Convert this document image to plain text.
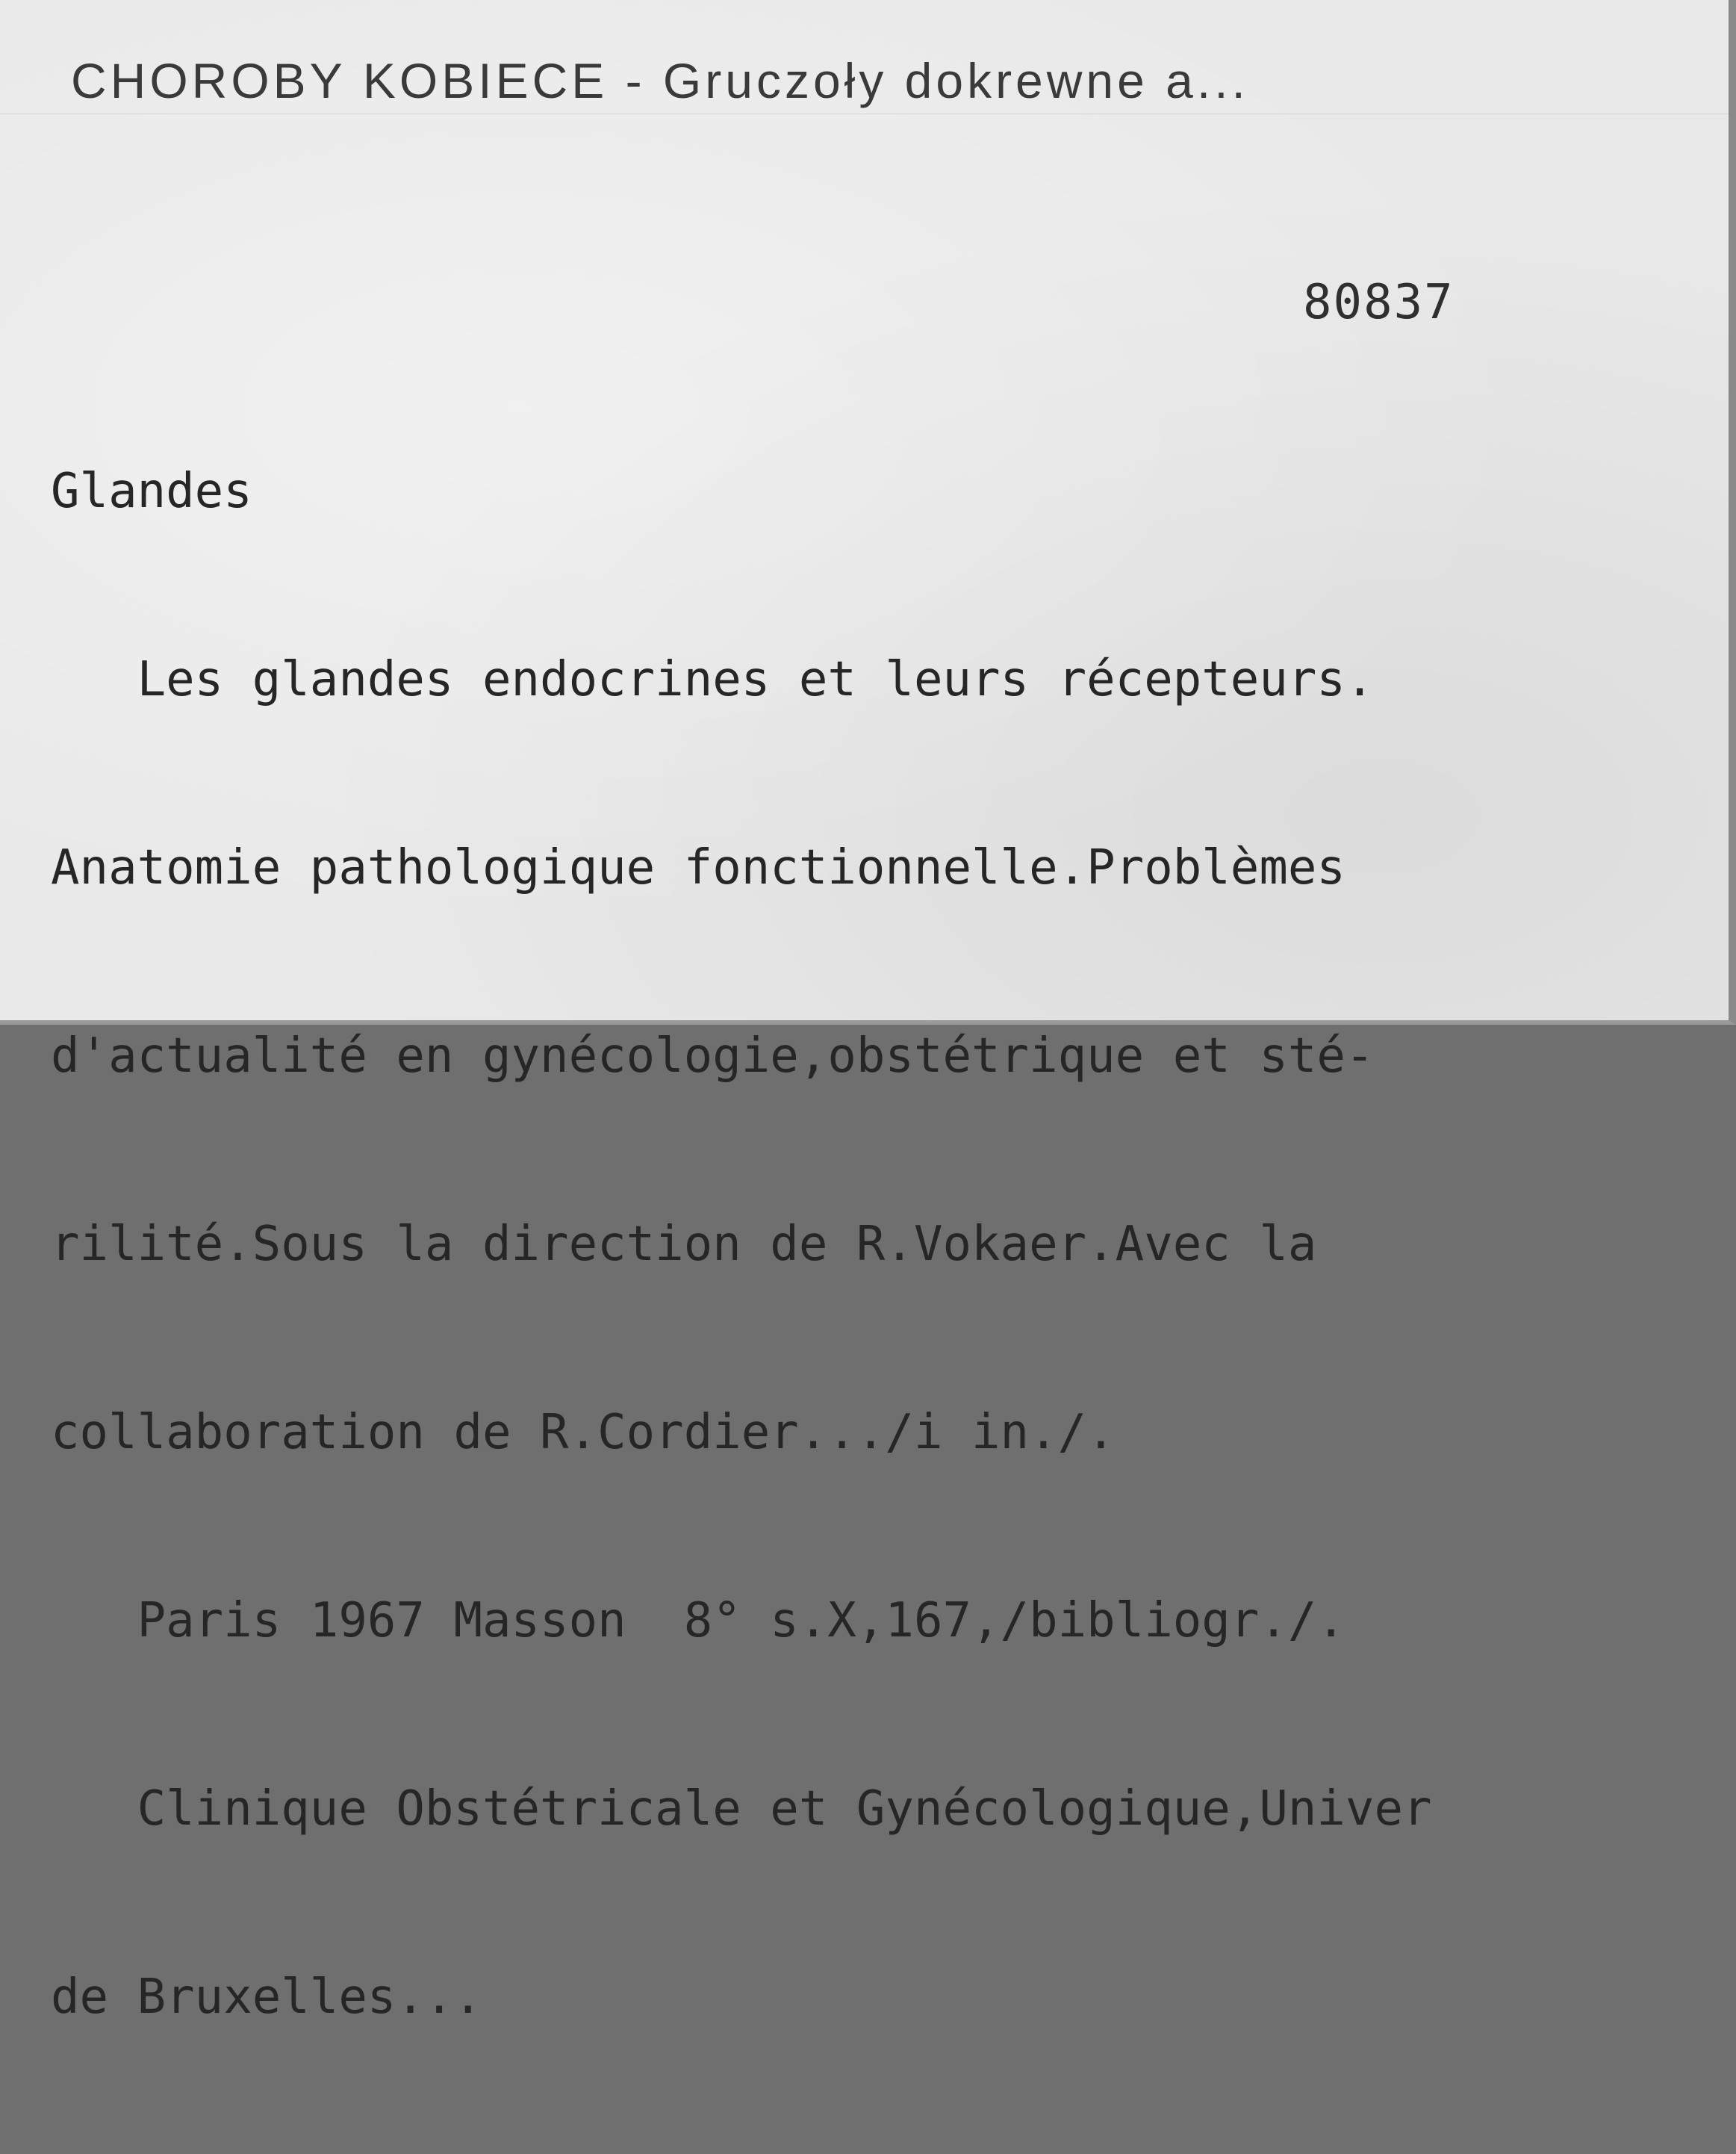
CHOROBY KOBIECE - Gruczoły dokrewne a...
80837

Glandes

Les glandes endocrines et leurs récepteurs.

Anatomie pathologique fonctionnelle.Problèmes

d'actualité en gynécologie,obstétrique et sté-

rilité.Sous la direction de R.Vokaer.Avec la

collaboration de R.Cordier.../i in./.

Paris 1967 Masson  8° s.X,167,/bibliogr./.

Clinique Obstétricale et Gynécologique,Univer

de Bruxelles...
